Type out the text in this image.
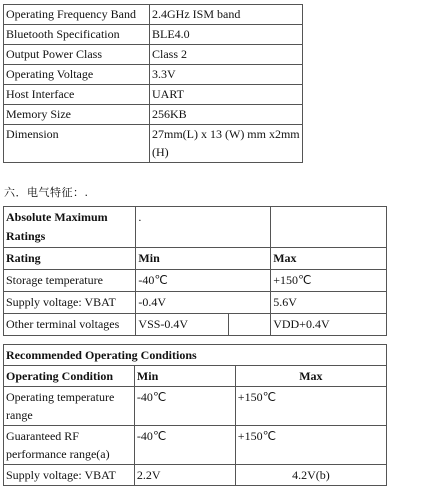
Operating Frequency Band	2.4GHz ISM band
Bluetooth Specification	BLE4.0
Output Power Class	Class 2
Operating Voltage	3.3V
Host Interface	UART
Memory Size	256KB
Dimension	27mm(L) x 13 (W) mm x2mm (H)
六．电气特征：.
Absolute Maximum Ratings	.		
Rating	Min		Max
Storage temperature	-40℃		+150℃
Supply voltage: VBAT	-0.4V		5.6V
Other terminal voltages	VSS-0.4V		VDD+0.4V
Recommended Operating Conditions		
Operating Condition	Min	Max
Operating temperature range	-40℃	+150℃
Guaranteed RF performance range(a)	-40℃	+150℃
Supply voltage: VBAT	2.2V	4.2V(b)
